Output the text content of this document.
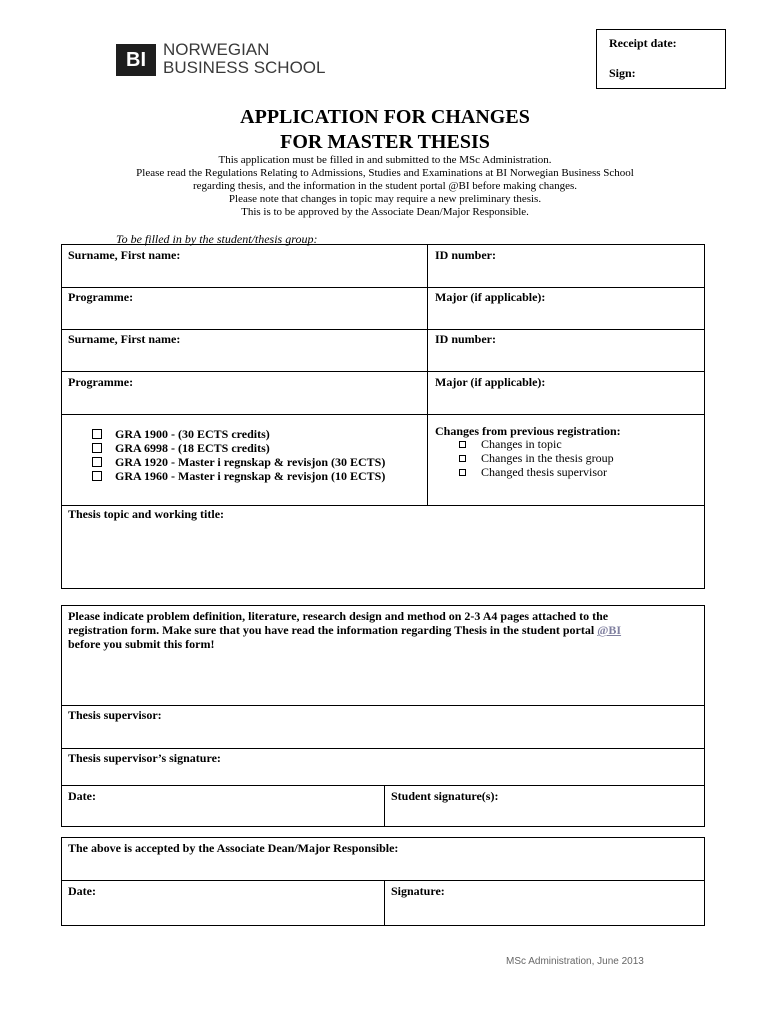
BI	NORWEGIAN
BUSINESS SCHOOL
Receipt date:
Sign:
APPLICATION FOR CHANGES
FOR MASTER THESIS
This application must be filled in and submitted to the MSc Administration.
Please read the Regulations Relating to Admissions, Studies and Examinations at BI Norwegian Business School
regarding thesis, and the information in the student portal @BI before making changes.
Please note that changes in topic may require a new preliminary thesis.
This is to be approved by the Associate Dean/Major Responsible.
To be filled in by the student/thesis group:
Surname, First name:	ID number:
Programme:	Major (if applicable):
Surname, First name:	ID number:
Programme:	Major (if applicable):
GRA 1900 - (30 ECTS credits)
GRA 6998 - (18 ECTS credits)
GRA 1920 - Master i regnskap & revisjon (30 ECTS)
GRA 1960 - Master i regnskap & revisjon (10 ECTS)
Changes from previous registration:
Changes in topic
Changes in the thesis group
Changed thesis supervisor
Thesis topic and working title:
Please indicate problem definition, literature, research design and method on 2-3 A4 pages attached to the
registration form. Make sure that you have read the information regarding Thesis in the student portal @BI
before you submit this form!
Thesis supervisor:
Thesis supervisor’s signature:
Date:	Student signature(s):
The above is accepted by the Associate Dean/Major Responsible:
Date:	Signature:
MSc Administration, June 2013
